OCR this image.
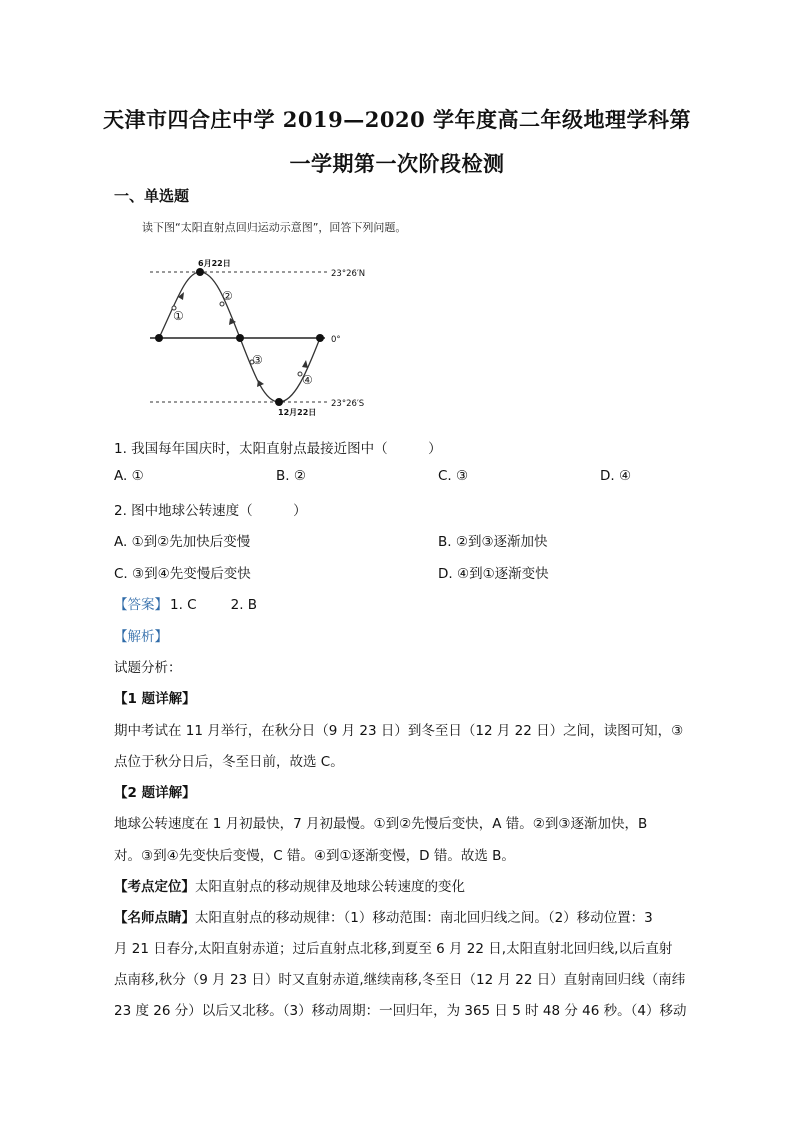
天津市四合庄中学 2019—2020 学年度高二年级地理学科第
一学期第一次阶段检测
一、单选题
读下图“太阳直射点回归运动示意图”，回答下列问题。
①
②
③
④
6月22日
12月22日
23°26′N
0°
23°26′S
1. 我国每年国庆时，太阳直射点最接近图中（　　　）
A. ①	B. ②	C. ③	D. ④
2. 图中地球公转速度（　　　）
A. ①到②先加快后变慢	B. ②到③逐渐加快
C. ③到④先变慢后变快	D. ④到①逐渐变快
【答案】 1. C	2. B
【解析】
试题分析：
【1 题详解】
期中考试在 11 月举行，在秋分日（9 月 23 日）到冬至日（12 月 22 日）之间，读图可知，③
点位于秋分日后，冬至日前，故选 C。
【2 题详解】
地球公转速度在 1 月初最快，7 月初最慢。①到②先慢后变快，A 错。②到③逐渐加快，B
对。③到④先变快后变慢，C 错。④到①逐渐变慢，D 错。故选 B。
【考点定位】太阳直射点的移动规律及地球公转速度的变化
【名师点睛】太阳直射点的移动规律：（1）移动范围：南北回归线之间。（2）移动位置：3
月 21 日春分,太阳直射赤道；过后直射点北移,到夏至 6 月 22 日,太阳直射北回归线,以后直射
点南移,秋分（9 月 23 日）时又直射赤道,继续南移,冬至日（12 月 22 日）直射南回归线（南纬
23 度 26 分）以后又北移。（3）移动周期：一回归年，为 365 日 5 时 48 分 46 秒。（4）移动
